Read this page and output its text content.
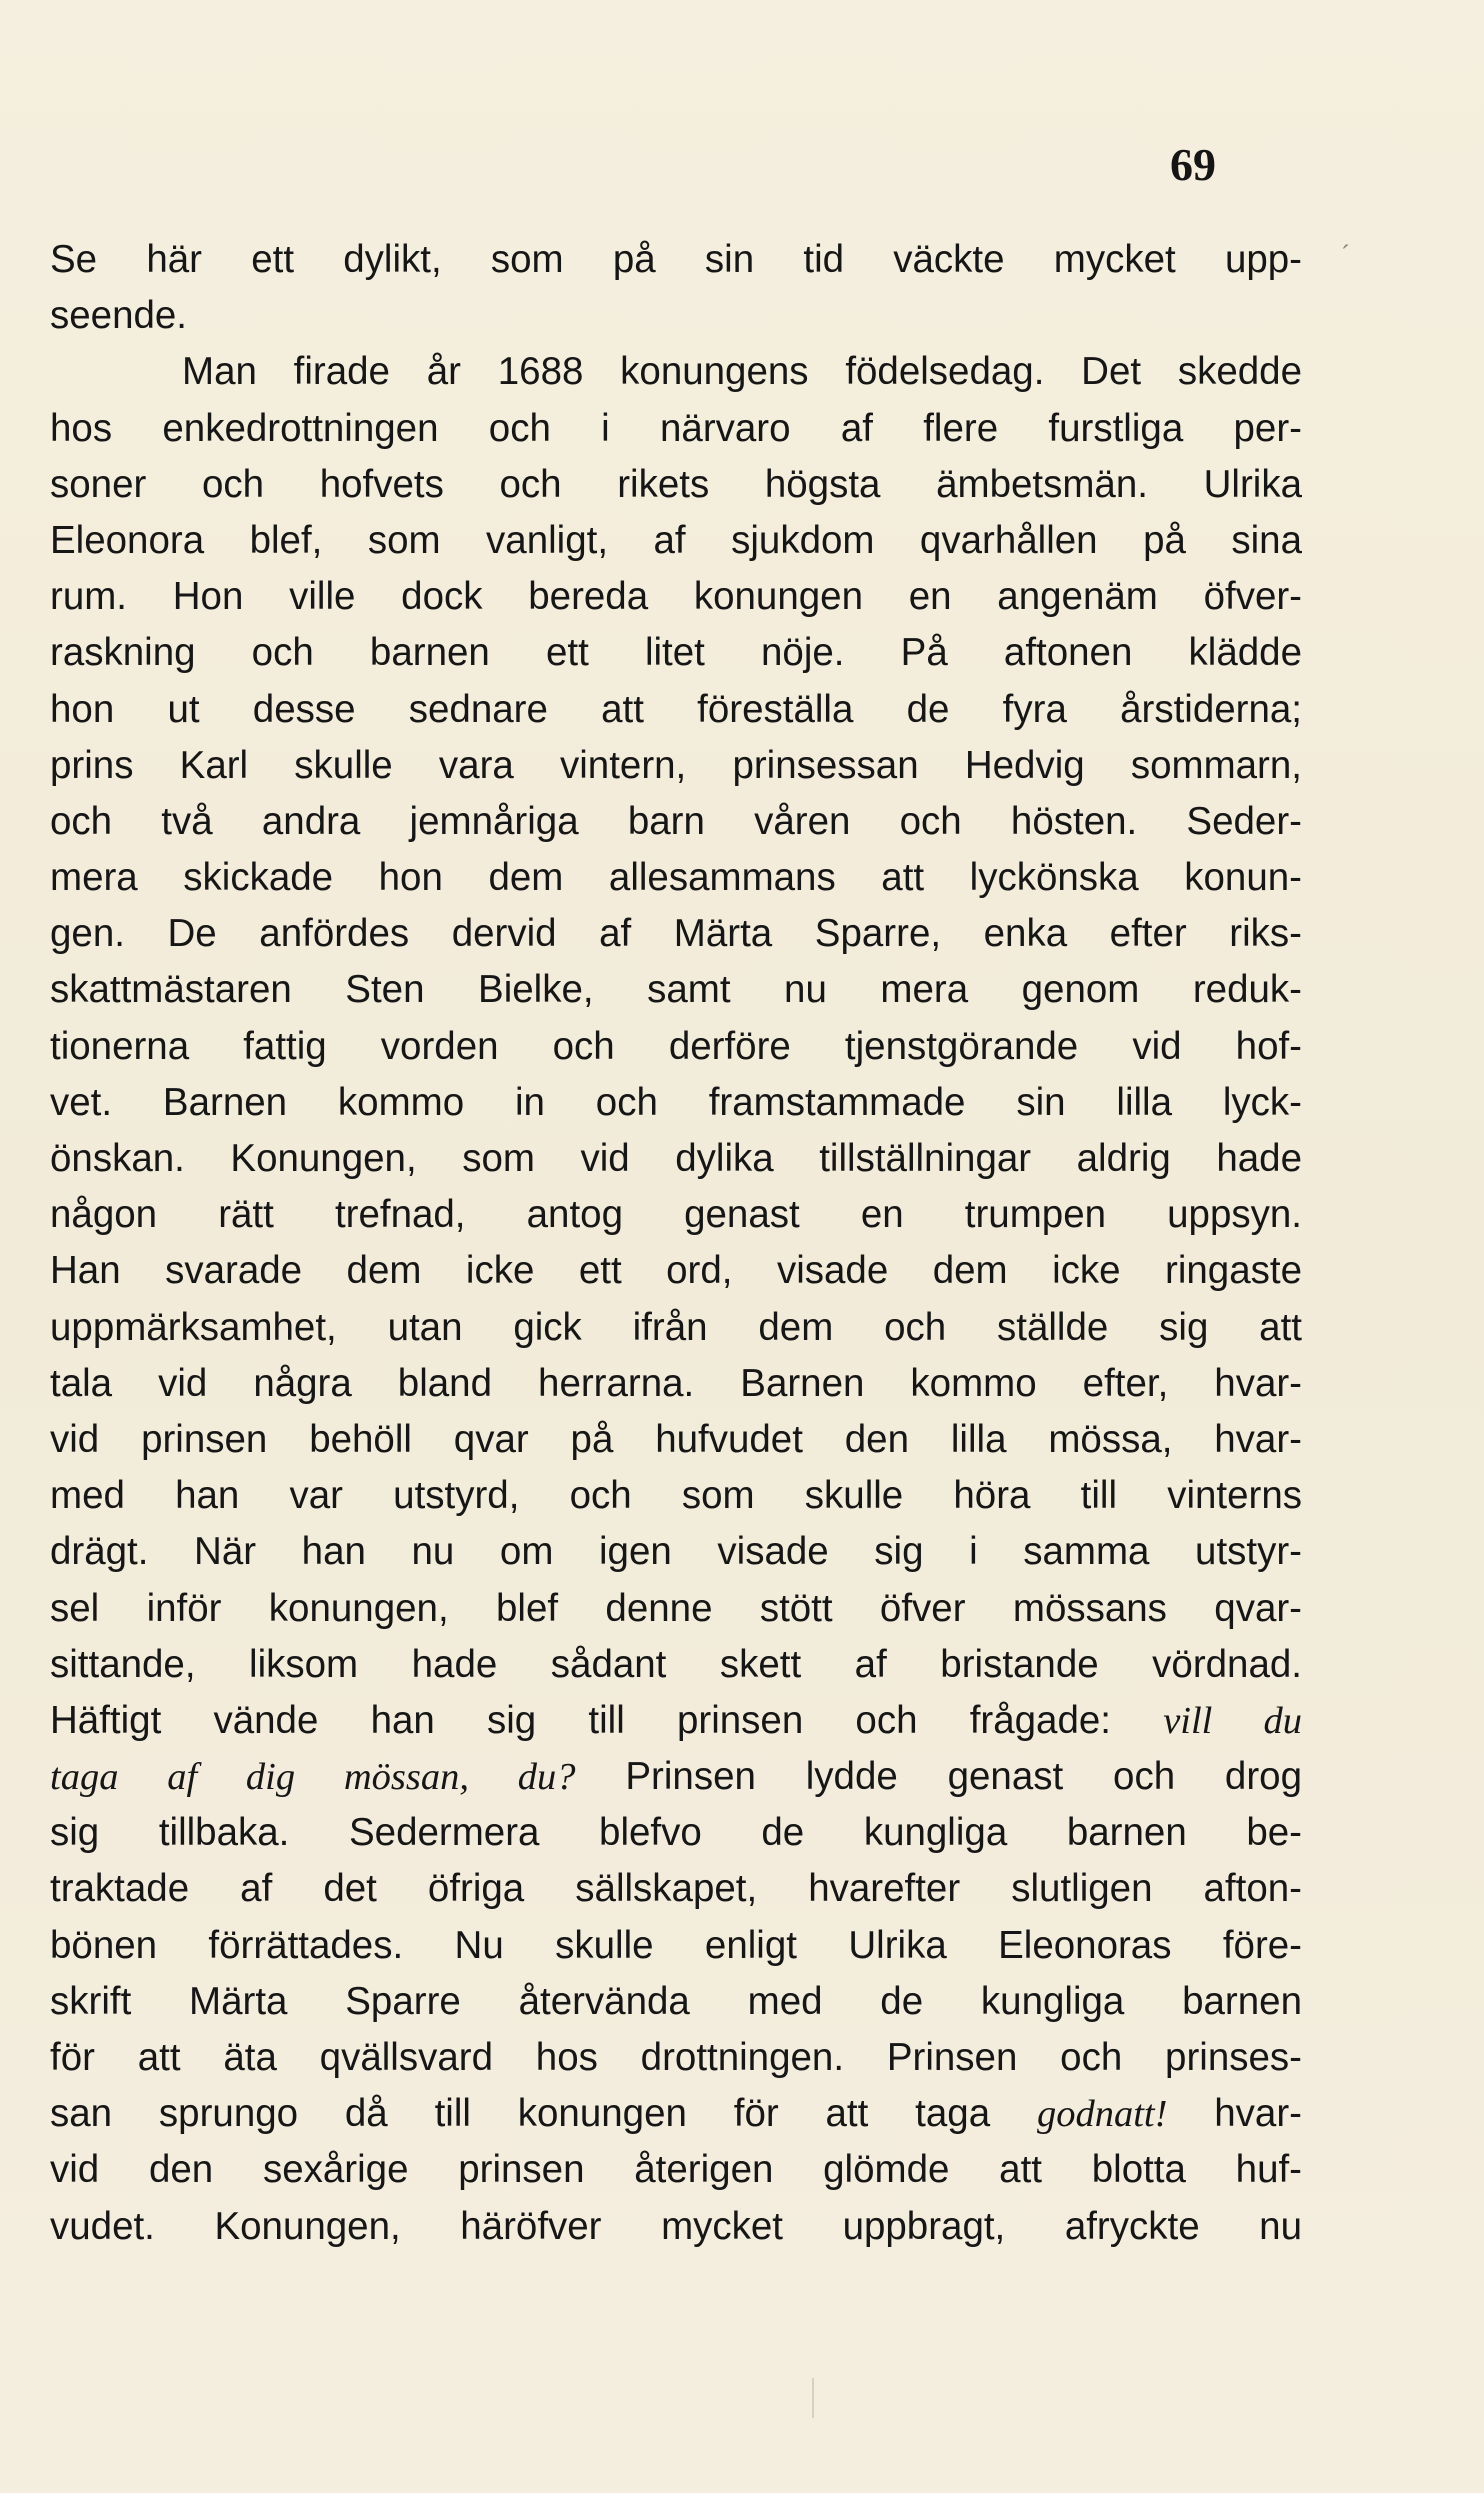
69
´
Se här ett dylikt, som på sin tid väckte mycket upp-
seende.
Man firade år 1688 konungens födelsedag. Det skedde
hos enkedrottningen och i närvaro af flere furstliga per-
soner och hofvets och rikets högsta ämbetsmän. Ulrika
Eleonora blef, som vanligt, af sjukdom qvarhållen på sina
rum. Hon ville dock bereda konungen en angenäm öfver-
raskning och barnen ett litet nöje. På aftonen klädde
hon ut desse sednare att föreställa de fyra årstiderna;
prins Karl skulle vara vintern, prinsessan Hedvig sommarn,
och två andra jemnåriga barn våren och hösten. Seder-
mera skickade hon dem allesammans att lyckönska konun-
gen. De anfördes dervid af Märta Sparre, enka efter riks-
skattmästaren Sten Bielke, samt nu mera genom reduk-
tionerna fattig vorden och derföre tjenstgörande vid hof-
vet. Barnen kommo in och framstammade sin lilla lyck-
önskan. Konungen, som vid dylika tillställningar aldrig hade
någon rätt trefnad, antog genast en trumpen uppsyn.
Han svarade dem icke ett ord, visade dem icke ringaste
uppmärksamhet, utan gick ifrån dem och ställde sig att
tala vid några bland herrarna. Barnen kommo efter, hvar-
vid prinsen behöll qvar på hufvudet den lilla mössa, hvar-
med han var utstyrd, och som skulle höra till vinterns
drägt. När han nu om igen visade sig i samma utstyr-
sel inför konungen, blef denne stött öfver mössans qvar-
sittande, liksom hade sådant skett af bristande vördnad.
Häftigt vände han sig till prinsen och frågade: vill du
taga af dig mössan, du? Prinsen lydde genast och drog
sig tillbaka. Sedermera blefvo de kungliga barnen be-
traktade af det öfriga sällskapet, hvarefter slutligen afton-
bönen förrättades. Nu skulle enligt Ulrika Eleonoras före-
skrift Märta Sparre återvända med de kungliga barnen
för att äta qvällsvard hos drottningen. Prinsen och prinses-
san sprungo då till konungen för att taga godnatt! hvar-
vid den sexårige prinsen återigen glömde att blotta huf-
vudet. Konungen, häröfver mycket uppbragt, afryckte nu
